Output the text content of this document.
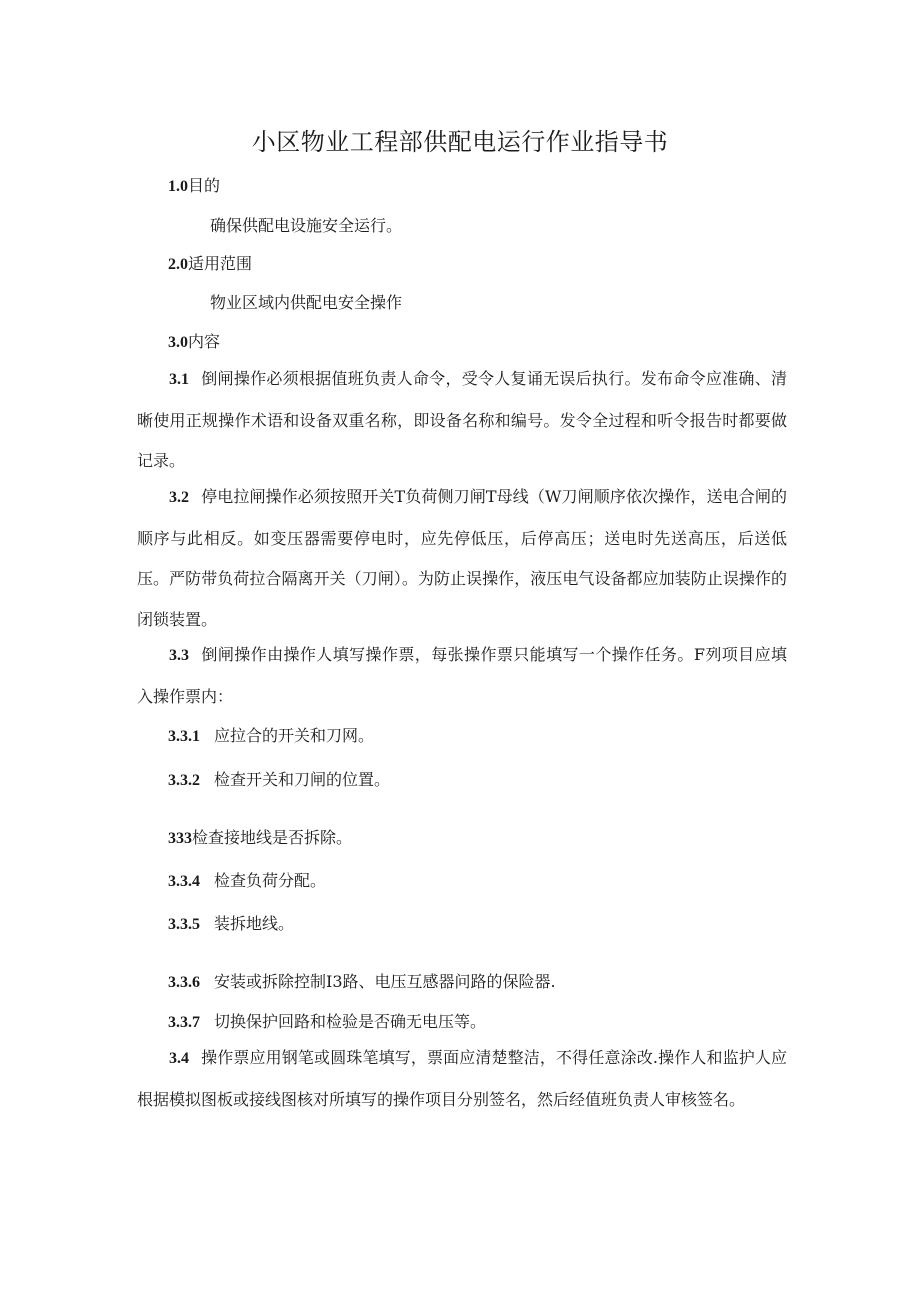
小区物业工程部供配电运行作业指导书
1.0目的
确保供配电设施安全运行。
2.0适用范围
物业区域内供配电安全操作
3.0内容
3.1 倒闸操作必须根据值班负责人命令，受令人复诵无误后执行。发布命令应准确、清晰使用正规操作术语和设备双重名称，即设备名称和编号。发令全过程和听令报告时都要做记录。
3.2 停电拉闸操作必须按照开关T负荷侧刀闸T母线（W刀闸顺序依次操作，送电合闸的顺序与此相反。如变压器需要停电时，应先停低压，后停高压；送电时先送高压，后送低压。严防带负荷拉合隔离开关（刀闸）。为防止误操作，液压电气设备都应加装防止误操作的闭锁装置。
3.3 倒闸操作由操作人填写操作票，每张操作票只能填写一个操作任务。F列项目应填入操作票内：
3.3.1 应拉合的开关和刀网。
3.3.2 检查开关和刀闸的位置。
333检查接地线是否拆除。
3.3.4 检查负荷分配。
3.3.5 装拆地线。
3.3.6 安装或拆除控制I3路、电压互感器问路的保险器.
3.3.7 切换保护回路和检验是否确无电压等。
3.4 操作票应用钢笔或圆珠笔填写，票面应清楚整洁，不得任意涂改.操作人和监护人应根据模拟图板或接线图核对所填写的操作项目分别签名，然后经值班负责人审核签名。
